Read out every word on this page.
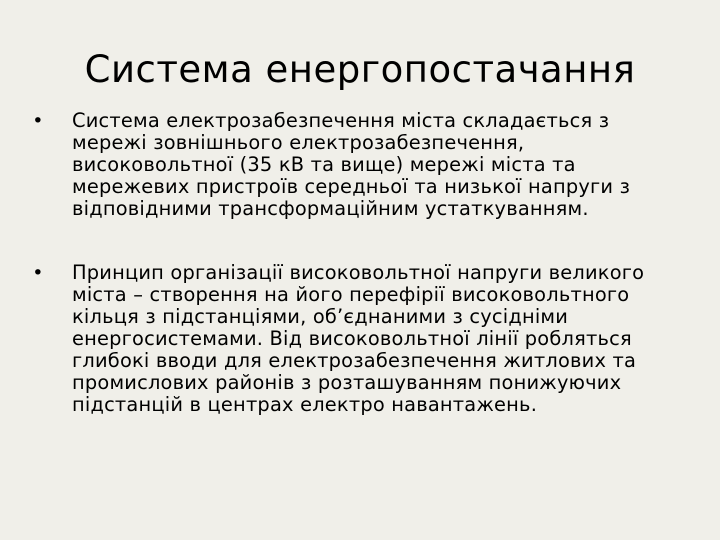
Система енергопостачання
• Система електрозабезпечення міста складається з мережі зовнішнього електрозабезпечення, високовольтної (35 кВ та вище) мережі міста та мережевих пристроїв середньої та низької напруги з відповідними трансформаційним устаткуванням.
• Принцип організації високовольтної напруги великого міста – створення на його перефірії високовольтного кільця з підстанціями, об’єднаними з сусідніми енергосистемами. Від високовольтної лінії робляться глибокі вводи для електрозабезпечення житлових та промислових районів з розташуванням понижуючих підстанцій в центрах електро навантажень.
